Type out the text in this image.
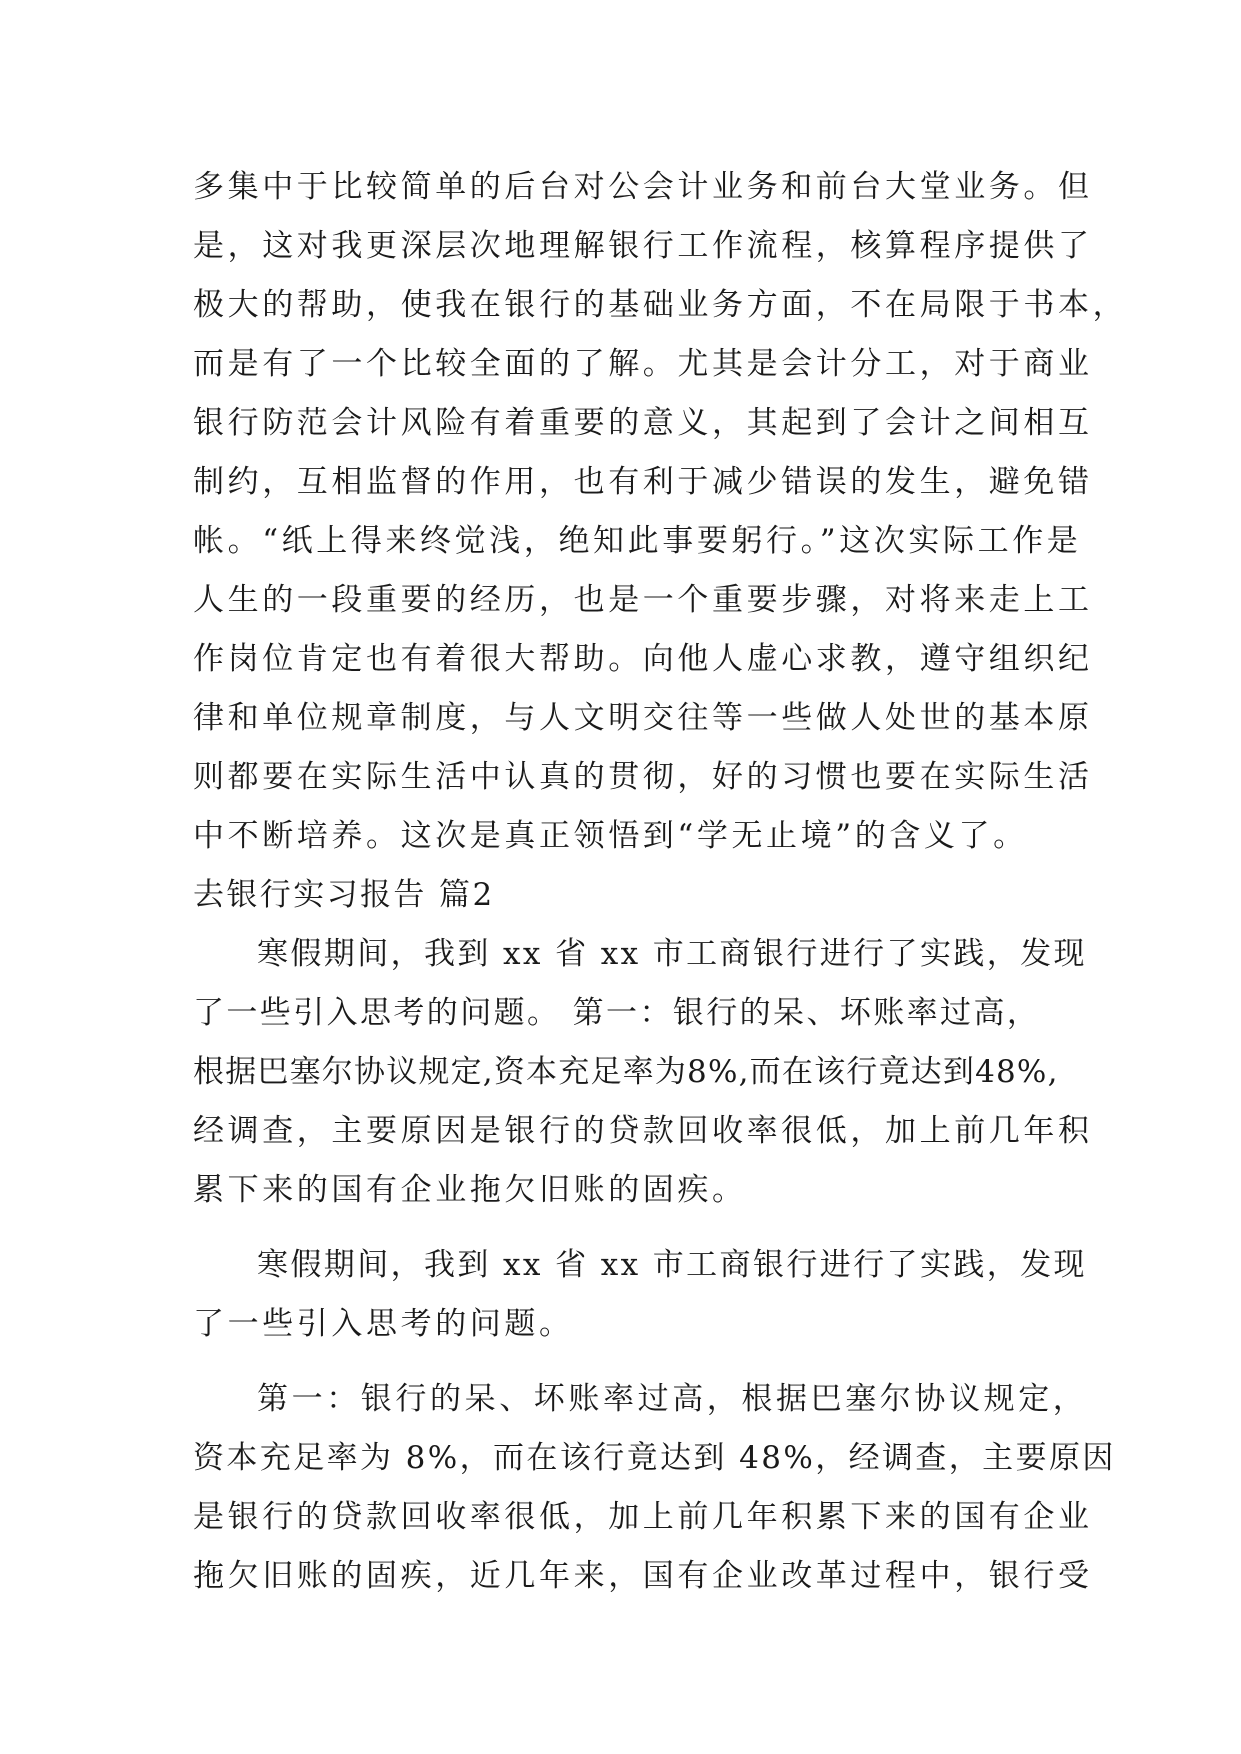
多集中于比较简单的后台对公会计业务和前台大堂业务。但
是，这对我更深层次地理解银行工作流程，核算程序提供了
极大的帮助，使我在银行的基础业务方面，不在局限于书本，
而是有了一个比较全面的了解。尤其是会计分工，对于商业
银行防范会计风险有着重要的意义，其起到了会计之间相互
制约，互相监督的作用，也有利于减少错误的发生，避免错
帐。“纸上得来终觉浅，绝知此事要躬行。”这次实际工作是
人生的一段重要的经历，也是一个重要步骤，对将来走上工
作岗位肯定也有着很大帮助。向他人虚心求教，遵守组织纪
律和单位规章制度，与人文明交往等一些做人处世的基本原
则都要在实际生活中认真的贯彻，好的习惯也要在实际生活
中不断培养。这次是真正领悟到“学无止境”的含义了。
去银行实习报告 篇2
寒假期间，我到 xx 省 xx 市工商银行进行了实践，发现
了一些引入思考的问题。 第一：银行的呆、坏账率过高，
根据巴塞尔协议规定,资本充足率为8%,而在该行竟达到48%,
经调查，主要原因是银行的贷款回收率很低，加上前几年积
累下来的国有企业拖欠旧账的固疾。
寒假期间，我到 xx 省 xx 市工商银行进行了实践，发现
了一些引入思考的问题。
第一：银行的呆、坏账率过高，根据巴塞尔协议规定，
资本充足率为 8%，而在该行竟达到 48%，经调查，主要原因
是银行的贷款回收率很低，加上前几年积累下来的国有企业
拖欠旧账的固疾，近几年来，国有企业改革过程中，银行受
